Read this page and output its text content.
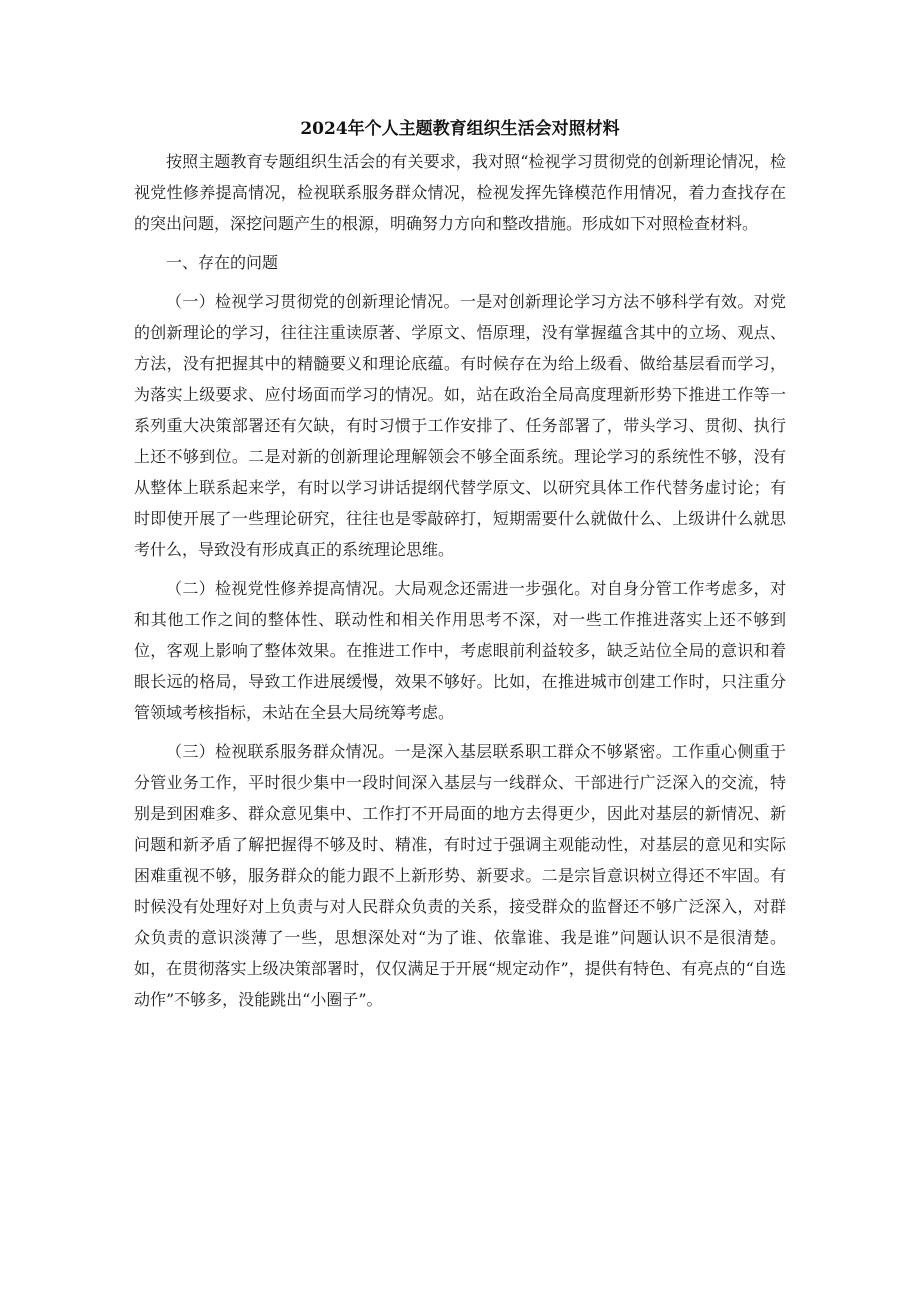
2024年个人主题教育组织生活会对照材料

按照主题教育专题组织生活会的有关要求，我对照“检视学习贯彻党的创新理论情况，检视党性修养提高情况，检视联系服务群众情况，检视发挥先锋模范作用情况，着力查找存在的突出问题，深挖问题产生的根源，明确努力方向和整改措施。形成如下对照检查材料。

一、存在的问题

（一）检视学习贯彻党的创新理论情况。一是对创新理论学习方法不够科学有效。对党的创新理论的学习，往往注重读原著、学原文、悟原理，没有掌握蕴含其中的立场、观点、方法，没有把握其中的精髓要义和理论底蕴。有时候存在为给上级看、做给基层看而学习，为落实上级要求、应付场面而学习的情况。如，站在政治全局高度理新形势下推进工作等一系列重大决策部署还有欠缺，有时习惯于工作安排了、任务部署了，带头学习、贯彻、执行上还不够到位。二是对新的创新理论理解领会不够全面系统。理论学习的系统性不够，没有从整体上联系起来学，有时以学习讲话提纲代替学原文、以研究具体工作代替务虚讨论；有时即使开展了一些理论研究，往往也是零敲碎打，短期需要什么就做什么、上级讲什么就思考什么，导致没有形成真正的系统理论思维。

（二）检视党性修养提高情况。大局观念还需进一步强化。对自身分管工作考虑多，对和其他工作之间的整体性、联动性和相关作用思考不深，对一些工作推进落实上还不够到位，客观上影响了整体效果。在推进工作中，考虑眼前利益较多，缺乏站位全局的意识和着眼长远的格局，导致工作进展缓慢，效果不够好。比如，在推进城市创建工作时，只注重分管领域考核指标，未站在全县大局统筹考虑。

（三）检视联系服务群众情况。一是深入基层联系职工群众不够紧密。工作重心侧重于分管业务工作，平时很少集中一段时间深入基层与一线群众、干部进行广泛深入的交流，特别是到困难多、群众意见集中、工作打不开局面的地方去得更少，因此对基层的新情况、新问题和新矛盾了解把握得不够及时、精准，有时过于强调主观能动性，对基层的意见和实际困难重视不够，服务群众的能力跟不上新形势、新要求。二是宗旨意识树立得还不牢固。有时候没有处理好对上负责与对人民群众负责的关系，接受群众的监督还不够广泛深入，对群众负责的意识淡薄了一些，思想深处对“为了谁、依靠谁、我是谁”问题认识不是很清楚。如，在贯彻落实上级决策部署时，仅仅满足于开展“规定动作”，提供有特色、有亮点的“自选动作”不够多，没能跳出“小圈子”。
